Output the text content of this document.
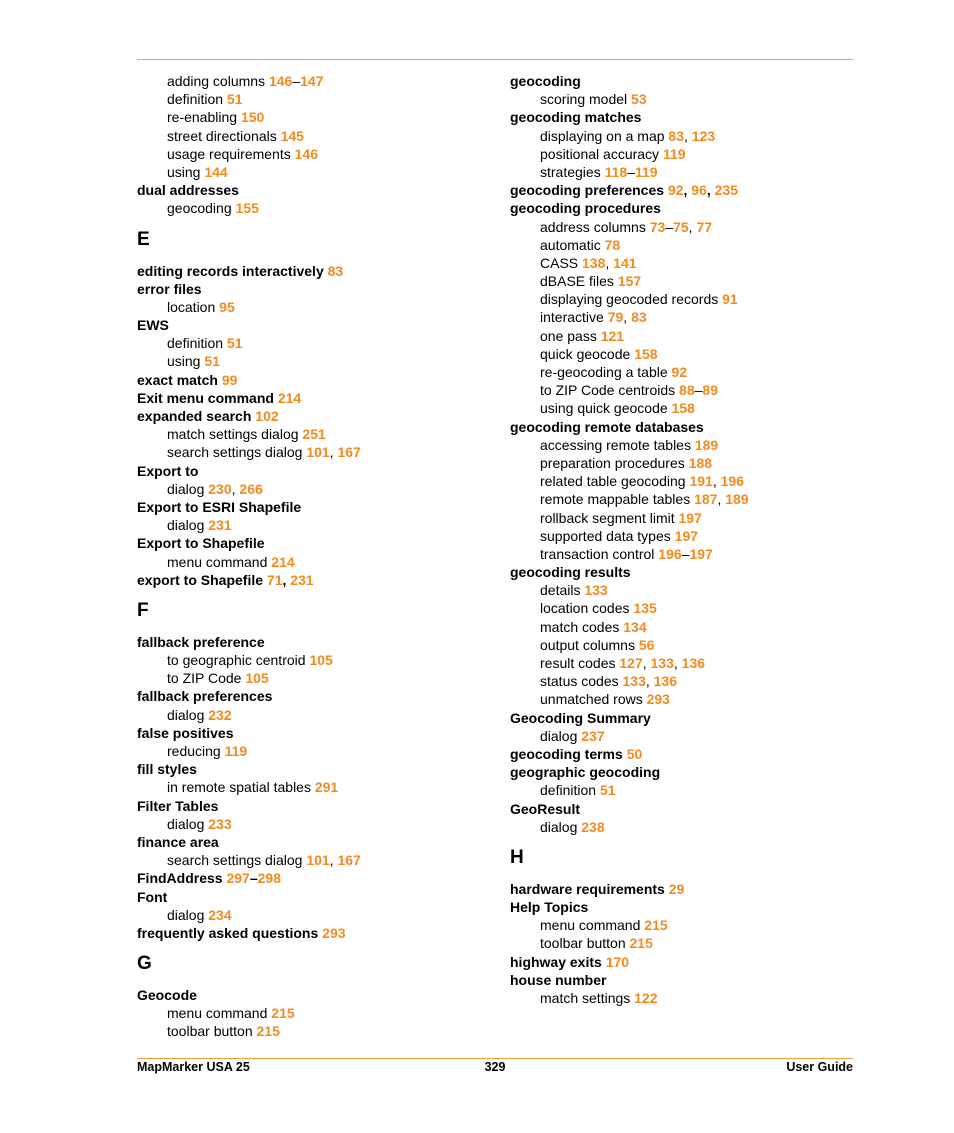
adding columns 146–147
definition 51
re-enabling 150
street directionals 145
usage requirements 146
using 144
dual addresses
geocoding 155
E
editing records interactively 83
error files
location 95
EWS
definition 51
using 51
exact match 99
Exit menu command 214
expanded search 102
match settings dialog 251
search settings dialog 101, 167
Export to
dialog 230, 266
Export to ESRI Shapefile
dialog 231
Export to Shapefile
menu command 214
export to Shapefile 71, 231
F
fallback preference
to geographic centroid 105
to ZIP Code 105
fallback preferences
dialog 232
false positives
reducing 119
fill styles
in remote spatial tables 291
Filter Tables
dialog 233
finance area
search settings dialog 101, 167
FindAddress 297–298
Font
dialog 234
frequently asked questions 293
G
Geocode
menu command 215
toolbar button 215
geocoding
scoring model 53
geocoding matches
displaying on a map 83, 123
positional accuracy 119
strategies 118–119
geocoding preferences 92, 96, 235
geocoding procedures
address columns 73–75, 77
automatic 78
CASS 138, 141
dBASE files 157
displaying geocoded records 91
interactive 79, 83
one pass 121
quick geocode 158
re-geocoding a table 92
to ZIP Code centroids 88–89
using quick geocode 158
geocoding remote databases
accessing remote tables 189
preparation procedures 188
related table geocoding 191, 196
remote mappable tables 187, 189
rollback segment limit 197
supported data types 197
transaction control 196–197
geocoding results
details 133
location codes 135
match codes 134
output columns 56
result codes 127, 133, 136
status codes 133, 136
unmatched rows 293
Geocoding Summary
dialog 237
geocoding terms 50
geographic geocoding
definition 51
GeoResult
dialog 238
H
hardware requirements 29
Help Topics
menu command 215
toolbar button 215
highway exits 170
house number
match settings 122
MapMarker USA 25	329	User Guide
